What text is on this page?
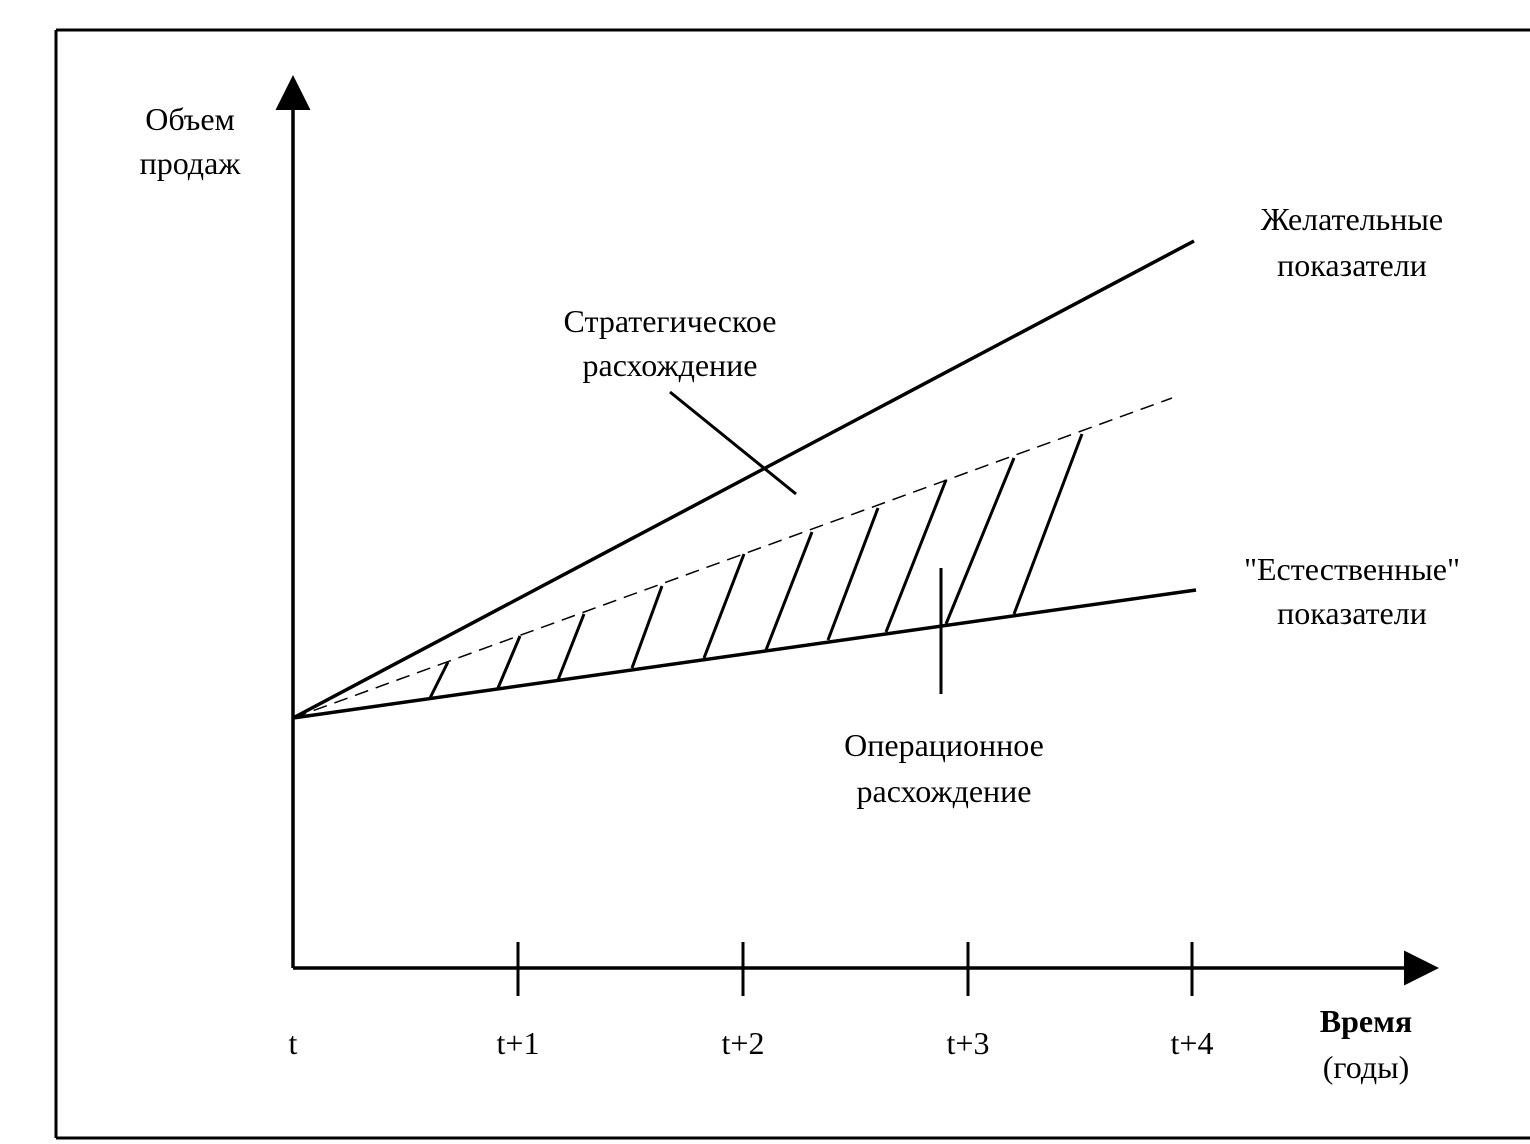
Объем
продаж
Желательные
показатели
Стратегическое
расхождение
"Естественные"
показатели
Операционное
расхождение
t	t+1	t+2	t+3	t+4
Время
(годы)
